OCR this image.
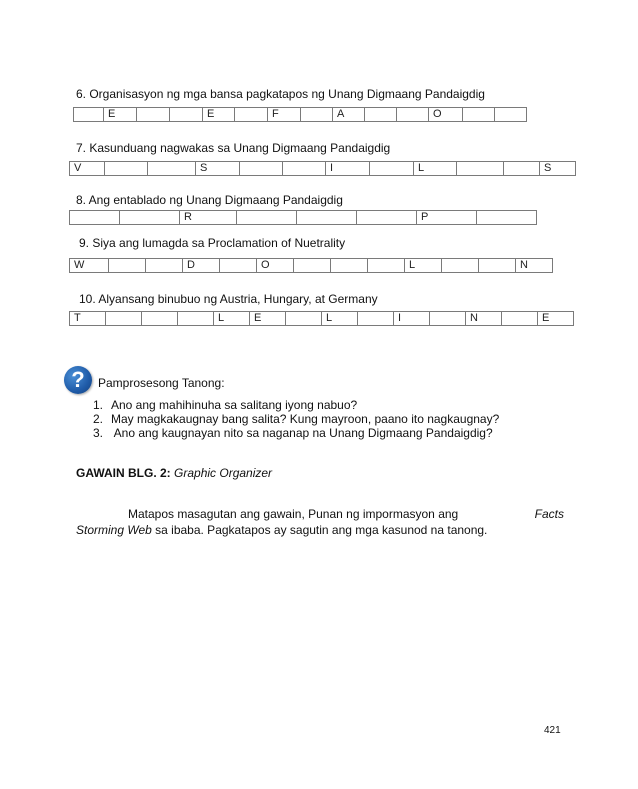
6. Organisasyon ng mga bansa pagkatapos ng Unang Digmaang Pandaigdig
	E			E		F		A			O		
7. Kasunduang nagwakas sa Unang Digmaang Pandaigdig
V			S			I		L			S
8. Ang entablado ng Unang Digmaang Pandaigdig
		R				P	
9. Siya ang lumagda sa Proclamation of Nuetrality
W			D		O				L			N
10. Alyansang binubuo ng Austria, Hungary, at Germany
T				L	E		L		I		N		E
?	Pamprosesong Tanong:
1. Ano ang mahihinuha sa salitang iyong nabuo?
2. May magkakaugnay bang salita? Kung mayroon, paano ito nagkaugnay?
3. Ano ang kaugnayan nito sa naganap na Unang Digmaang Pandaigdig?
GAWAIN BLG. 2: Graphic Organizer
Matapos masagutan ang gawain, Punan ng impormasyon ang	Facts
Storming Web sa ibaba. Pagkatapos ay sagutin ang mga kasunod na tanong.
421
